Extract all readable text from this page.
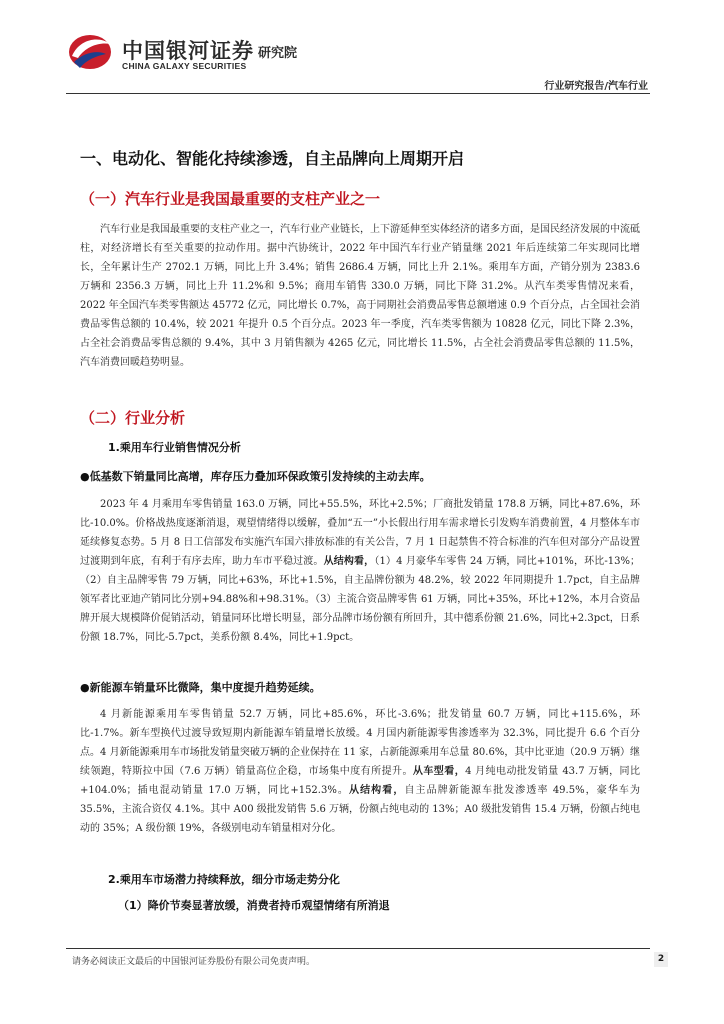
中国银河证券
CHINA GALAXY SECURITIES
研究院
行业研究报告/汽车行业
一、电动化、智能化持续渗透，自主品牌向上周期开启
（一）汽车行业是我国最重要的支柱产业之一
汽车行业是我国最重要的支柱产业之一，汽车行业产业链长，上下游延伸至实体经济的诸多方面，是国民经济发展的中流砥柱，对经济增长有至关重要的拉动作用。据中汽协统计，2022 年中国汽车行业产销量继 2021 年后连续第二年实现同比增长，全年累计生产 2702.1 万辆，同比上升 3.4%；销售 2686.4 万辆，同比上升 2.1%。乘用车方面，产销分别为 2383.6 万辆和 2356.3 万辆，同比上升 11.2%和 9.5%；商用车销售 330.0 万辆，同比下降 31.2%。从汽车类零售情况来看，2022 年全国汽车类零售额达 45772 亿元，同比增长 0.7%，高于同期社会消费品零售总额增速 0.9 个百分点，占全国社会消费品零售总额的 10.4%，较 2021 年提升 0.5 个百分点。2023 年一季度，汽车类零售额为 10828 亿元，同比下降 2.3%，占全社会消费品零售总额的 9.4%，其中 3 月销售额为 4265 亿元，同比增长 11.5%，占全社会消费品零售总额的 11.5%，汽车消费回暖趋势明显。
（二）行业分析
1.乘用车行业销售情况分析
●低基数下销量同比高增，库存压力叠加环保政策引发持续的主动去库。
2023 年 4 月乘用车零售销量 163.0 万辆，同比+55.5%，环比+2.5%；厂商批发销量 178.8 万辆，同比+87.6%，环比-10.0%。价格战热度逐渐消退，观望情绪得以缓解，叠加“五一”小长假出行用车需求增长引发购车消费前置，4 月整体车市延续修复态势。5 月 8 日工信部发布实施汽车国六排放标准的有关公告，7 月 1 日起禁售不符合标准的汽车但对部分产品设置过渡期到年底，有利于有序去库，助力车市平稳过渡。从结构看，（1）4 月豪华车零售 24 万辆，同比+101%，环比-13%；（2）自主品牌零售 79 万辆，同比+63%，环比+1.5%，自主品牌份额为 48.2%，较 2022 年同期提升 1.7pct，自主品牌领军者比亚迪产销同比分别+94.88%和+98.31%。（3）主流合资品牌零售 61 万辆，同比+35%，环比+12%，本月合资品牌开展大规模降价促销活动，销量同环比增长明显，部分品牌市场份额有所回升，其中德系份额 21.6%，同比+2.3pct，日系份额 18.7%，同比-5.7pct，美系份额 8.4%，同比+1.9pct。
●新能源车销量环比微降，集中度提升趋势延续。
4 月新能源乘用车零售销量 52.7 万辆，同比+85.6%，环比-3.6%；批发销量 60.7 万辆，同比+115.6%，环比-1.7%。新车型换代过渡导致短期内新能源车销量增长放缓。4 月国内新能源零售渗透率为 32.3%，同比提升 6.6 个百分点。4 月新能源乘用车市场批发销量突破万辆的企业保持在 11 家，占新能源乘用车总量 80.6%，其中比亚迪（20.9 万辆）继续领跑，特斯拉中国（7.6 万辆）销量高位企稳，市场集中度有所提升。从车型看，4 月纯电动批发销量 43.7 万辆，同比+104.0%；插电混动销量 17.0 万辆，同比+152.3%。从结构看，自主品牌新能源车批发渗透率 49.5%，豪华车为 35.5%，主流合资仅 4.1%。其中 A00 级批发销售 5.6 万辆，份额占纯电动的 13%；A0 级批发销售 15.4 万辆，份额占纯电动的 35%；A 级份额 19%，各级别电动车销量相对分化。
2.乘用车市场潜力持续释放，细分市场走势分化
（1）降价节奏显著放缓，消费者持币观望情绪有所消退
请务必阅读正文最后的中国银河证券股份有限公司免责声明。	2
